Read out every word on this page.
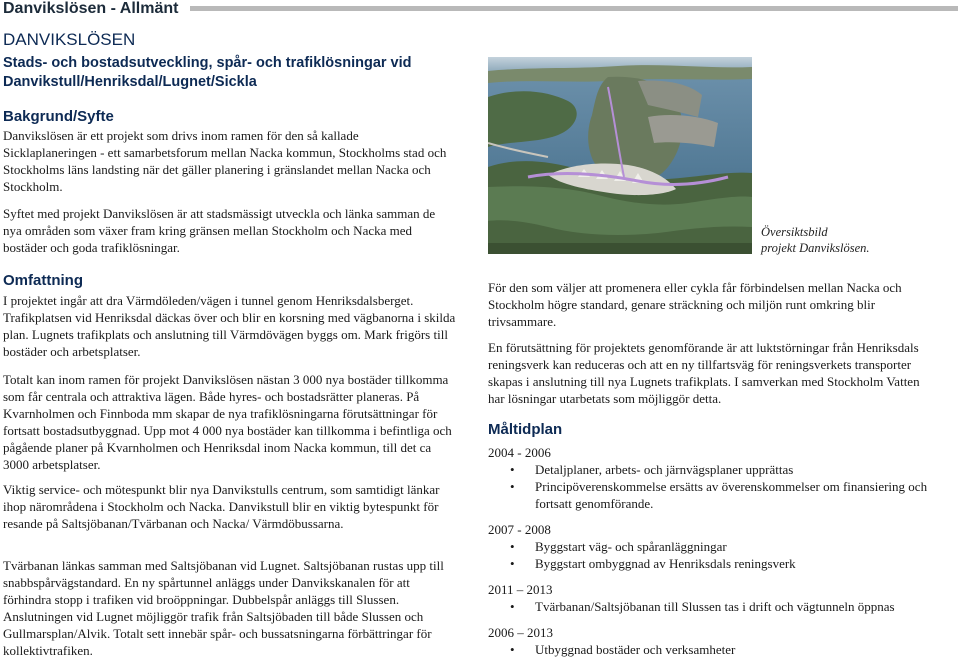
Danvikslösen - Allmänt
DANVIKSLÖSEN
Stads- och bostadsutveckling, spår- och trafiklösningar vid Danvikstull/Henriksdal/Lugnet/Sickla
Bakgrund/Syfte

Danvikslösen är ett projekt som drivs inom ramen för den så kallade Sicklaplaneringen - ett samarbetsforum mellan Nacka kommun, Stockholms stad och Stockholms läns landsting när det gäller planering i gränslandet mellan Nacka och Stockholm.

Syftet med projekt Danvikslösen är att stadsmässigt utveckla och länka samman de nya områden som växer fram kring gränsen mellan Stockholm och Nacka med bostäder och goda trafiklösningar.

Omfattning

I projektet ingår att dra Värmdöleden/vägen i tunnel genom Henriksdalsberget. Trafikplatsen vid Henriksdal däckas över och blir en korsning med vägbanorna i skilda plan. Lugnets trafikplats och anslutning till Värmdövägen byggs om. Mark frigörs till bostäder och arbetsplatser.

Totalt kan inom ramen för projekt Danvikslösen nästan 3 000 nya bostäder tillkomma som får centrala och attraktiva lägen. Både hyres- och bostadsrätter planeras. På Kvarnholmen och Finnboda mm skapar de nya trafiklösningarna förutsättningar för fortsatt bostadsutbyggnad. Upp mot 4 000 nya bostäder kan tillkomma i befintliga och pågående planer på Kvarnholmen och Henriksdal inom Nacka kommun, till det ca 3000 arbetsplatser.

Viktig service- och mötespunkt blir nya Danvikstulls centrum, som samtidigt länkar ihop närområdena i Stockholm och Nacka. Danvikstull blir en viktig bytespunkt för resande på Saltsjöbanan/Tvärbanan och Nacka/ Värmdöbussarna.

Tvärbanan länkas samman med Saltsjöbanan vid Lugnet. Saltsjöbanan rustas upp till snabbspårvägstandard. En ny spårtunnel anläggs under Danvikskanalen för att förhindra stopp i trafiken vid broöppningar. Dubbelspår anläggs till Slussen. Anslutningen vid Lugnet möjliggör trafik från Saltsjöbaden till både Slussen och Gullmarsplan/Alvik. Totalt sett innebär spår- och bussatsningarna förbättringar för kollektivtrafiken.

Översiktsbild
projekt Danvikslösen.

För den som väljer att promenera eller cykla får förbindelsen mellan Nacka och Stockholm högre standard, genare sträckning och miljön runt omkring blir trivsammare.

En förutsättning för projektets genomförande är att luktstörningar från Henriksdals reningsverk kan reduceras och att en ny tillfartsväg för reningsverkets transporter skapas i anslutning till nya Lugnets trafikplats. I samverkan med Stockholm Vatten har lösningar utarbetats som möjliggör detta.

Måltidplan
2004 - 2006
• Detaljplaner, arbets- och järnvägsplaner upprättas
• Principöverenskommelse ersätts av överenskommelser om finansiering och fortsatt genomförande.
2007 - 2008
• Byggstart väg- och spåranläggningar
• Byggstart ombyggnad av Henriksdals reningsverk
2011 – 2013
• Tvärbanan/Saltsjöbanan till Slussen tas i drift och vägtunneln öppnas
2006 – 2013
• Utbyggnad bostäder och verksamheter
